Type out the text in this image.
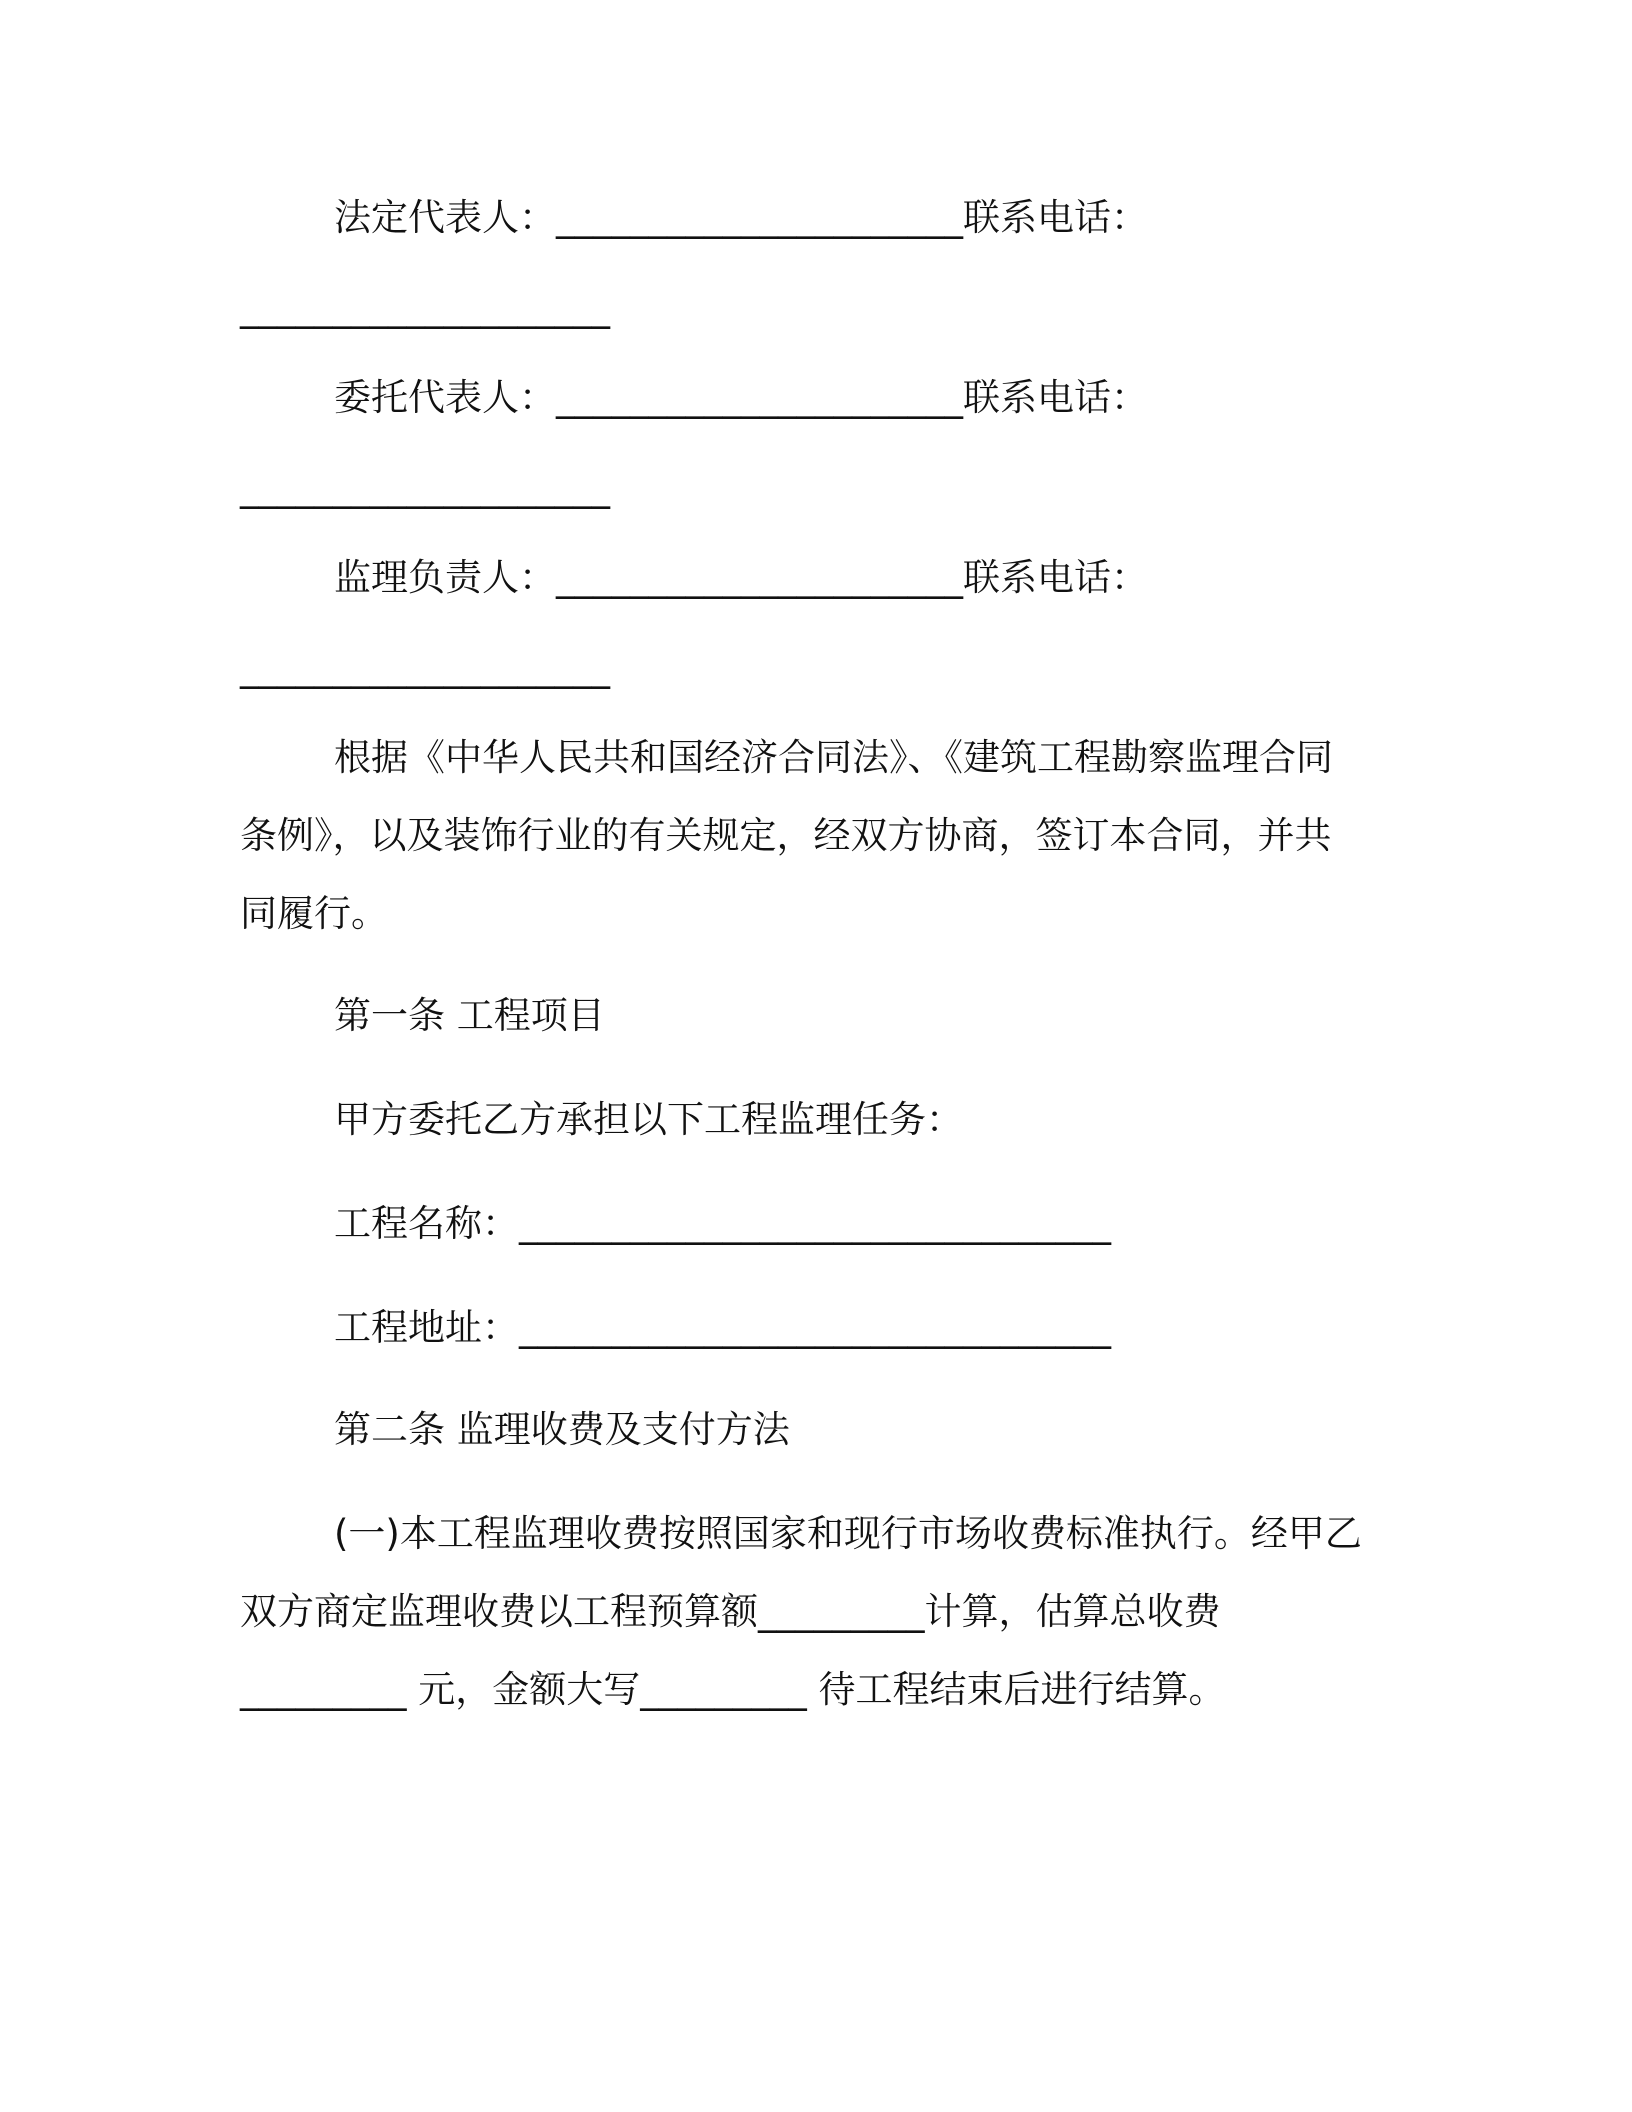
法定代表人：______________________联系电话：
____________________
委托代表人：______________________联系电话：
____________________
监理负责人：______________________联系电话：
____________________
根据《中华人民共和国经济合同法》、《建筑工程勘察监理合同
条例》，以及装饰行业的有关规定，经双方协商，签订本合同，并共
同履行。
第一条 工程项目
甲方委托乙方承担以下工程监理任务：
工程名称：________________________________
工程地址：________________________________
第二条 监理收费及支付方法
(一)本工程监理收费按照国家和现行市场收费标准执行。经甲乙
双方商定监理收费以工程预算额_________计算，估算总收费
_________ 元，金额大写_________ 待工程结束后进行结算。
